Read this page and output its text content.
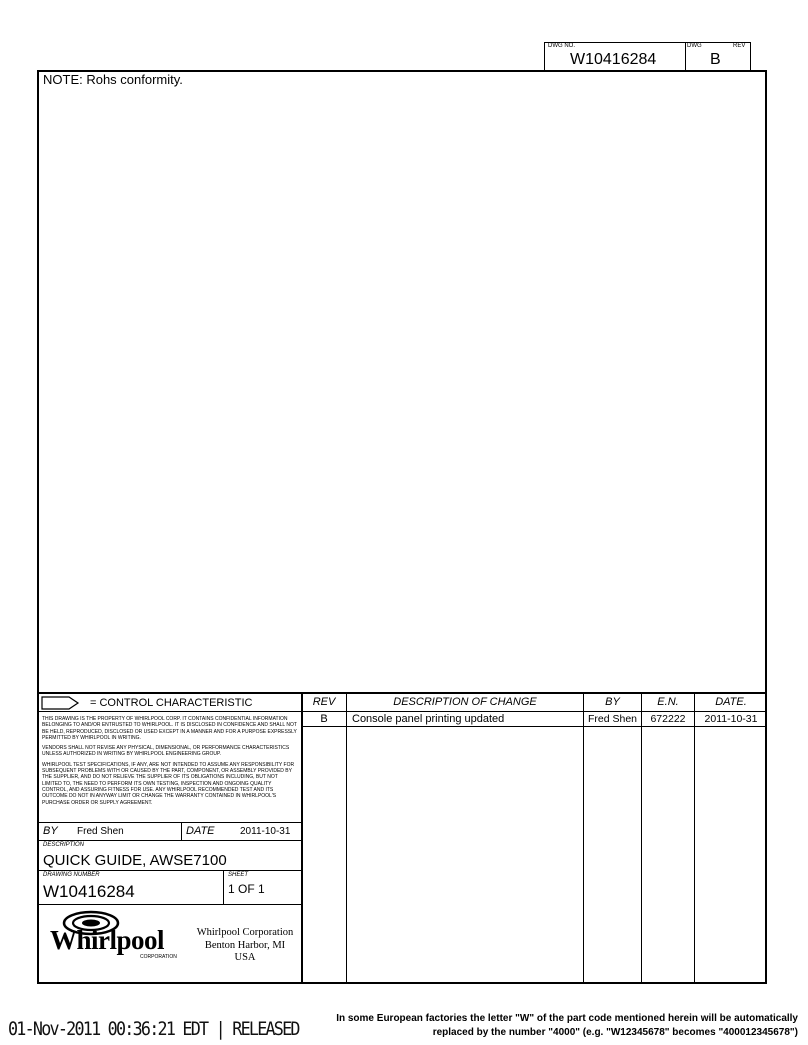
DWG NO.	DWG	REV
W10416284	B
NOTE: Rohs conformity.
= CONTROL CHARACTERISTIC
THIS DRAWING IS THE PROPERTY OF WHIRLPOOL CORP. IT CONTAINS CONFIDENTIAL INFORMATION BELONGING TO AND/OR ENTRUSTED TO WHIRLPOOL. IT IS DISCLOSED IN CONFIDENCE AND SHALL NOT BE HELD, REPRODUCED, DISCLOSED OR USED EXCEPT IN A MANNER AND FOR A PURPOSE EXPRESSLY PERMITTED BY WHIRLPOOL IN WRITING.
VENDORS SHALL NOT REVISE ANY PHYSICAL, DIMENSIONAL, OR PERFORMANCE CHARACTERISTICS UNLESS AUTHORIZED IN WRITING BY WHIRLPOOL ENGINEERING GROUP.
WHIRLPOOL TEST SPECIFICATIONS, IF ANY, ARE NOT INTENDED TO ASSUME ANY RESPONSIBILITY FOR SUBSEQUENT PROBLEMS WITH OR CAUSED BY THE PART, COMPONENT, OR ASSEMBLY PROVIDED BY THE SUPPLIER, AND DO NOT RELIEVE THE SUPPLIER OF ITS OBLIGATIONS INCLUDING, BUT NOT LIMITED TO, THE NEED TO PERFORM ITS OWN TESTING, INSPECTION AND ONGOING QUALITY CONTROL, AND ASSURING FITNESS FOR USE. ANY WHIRLPOOL RECOMMENDED TEST AND ITS OUTCOME DO NOT IN ANYWAY LIMIT OR CHANGE THE WARRANTY CONTAINED IN WHIRLPOOL'S PURCHASE ORDER OR SUPPLY AGREEMENT.
BY Fred Shen	DATE	2011-10-31
DESCRIPTION
QUICK GUIDE, AWSE7100
DRAWING NUMBER
W10416284
SHEET
1 OF 1
Whirlpool
CORPORATION
Whirlpool Corporation
Benton Harbor, MI
USA
REV	DESCRIPTION OF CHANGE	BY	E.N.	DATE.
B	Console panel printing updated	Fred Shen	672222	2011-10-31
01-Nov-2011 00:36:21 EDT | RELEASED	In some European factories the letter "W" of the part code mentioned herein will be automatically
replaced by the number "4000" (e.g. "W12345678" becomes "400012345678")
